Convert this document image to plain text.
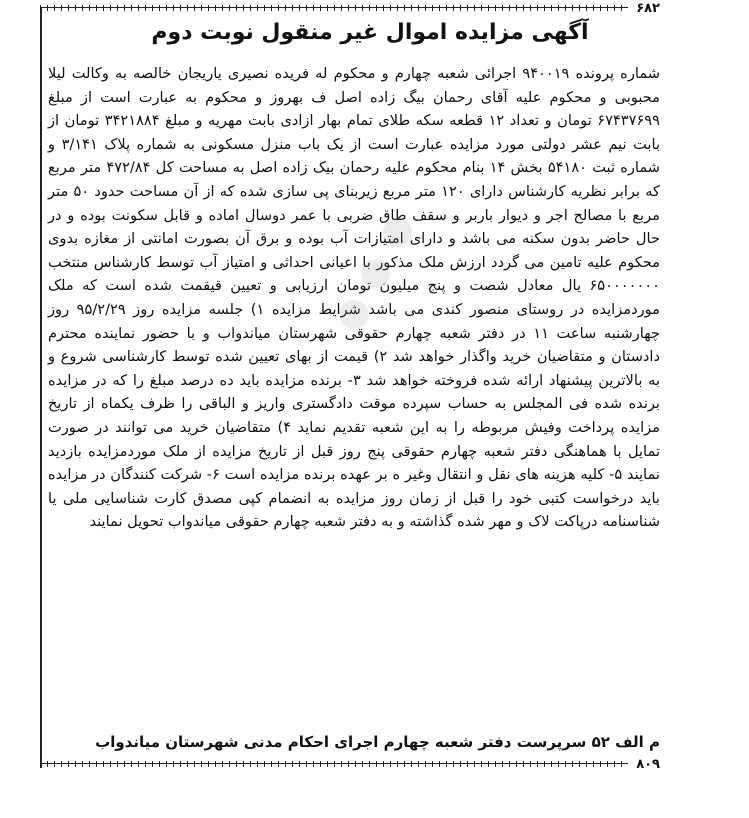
۶۸۲
آگهی مزایده اموال غیر منقول نوبت دوم

شماره پرونده ۹۴۰۰۱۹ اجرائی شعبه چهارم و محکوم له فریده نصیری یاریجان خالصه به وکالت لیلا محبوبی و محکوم علیه آقای رحمان بیگ زاده اصل ف بهروز و محکوم به عبارت است از مبلغ ۶۷۴۳۷۶۹۹ تومان و تعداد ۱۲ قطعه سکه طلای تمام بهار ازادی بابت مهریه و مبلغ ۳۴۲۱۸۸۴ تومان از بابت نیم عشر دولتی مورد مزایده عبارت است از یک باب منزل مسکونی به شماره پلاک ۳/۱۴۱ و شماره ثبت ۵۴۱۸۰ بخش ۱۴ بنام محکوم علیه رحمان بیک زاده اصل به مساحت کل ۴۷۲/۸۴ متر مربع که برابر نظریه کارشناس دارای ۱۲۰ متر مربع زیربنای پی سازی شده که از آن مساحت حدود ۵۰ متر مربع با مصالح اجر و دیوار باربر و سقف طاق ضربی با عمر دوسال اماده و قابل سکونت بوده و در حال حاضر بدون سکنه می باشد و دارای امتیازات آب بوده و برق آن بصورت امانتی از مغازه بدوی محکوم علیه تامین می گردد ارزش ملک مذکور با اعیانی احداثی و امتیاز آب توسط کارشناس منتخب ۶۵۰۰۰۰۰۰۰ یال معادل شصت و پنج میلیون تومان ارزیابی و تعیین قیقمت شده است که ملک موردمزایده در روستای منصور کندی می باشد شرایط مزایده ۱) جلسه مزایده روز ۹۵/۲/۲۹ روز چهارشنبه ساعت ۱۱ در دفتر شعبه چهارم حقوقی شهرستان میاندواب و با حضور نماینده محترم دادستان و متقاضیان خرید واگذار خواهد شد ۲) قیمت از بهای تعیین شده توسط کارشناسی شروع و به بالاترین پیشنهاد ارائه شده فروخته خواهد شد ۳- برنده مزایده باید ده درصد مبلغ را که در مزایده برنده شده فی المجلس به حساب سپرده موقت دادگستری واریز و الباقی را ظرف یکماه از تاریخ مزایده پرداخت وفیش مربوطه را به این شعبه تقدیم نماید ۴) متقاضیان خرید می توانند در صورت تمایل با هماهنگی دفتر شعبه چهارم حقوقی پنج روز قبل از تاریخ مزایده از ملک موردمزایده بازدید نمایند ۵- کلیه هزینه های نقل و انتقال وغیر ه بر عهده برنده مزایده است ۶- شرکت کنندگان در مزایده باید درخواست کتبی خود را قبل از زمان روز مزایده به انضمام کپی مصدق کارت شناسایی ملی یا شناسنامه درپاکت لاک و مهر شده گذاشته و به دفتر شعبه چهارم حقوقی میاندواب تحویل نمایند

م الف ۵۲ سرپرست دفتر شعبه چهارم اجرای احکام مدنی شهرستان میاندواب

۸۰۹
● ● ●
